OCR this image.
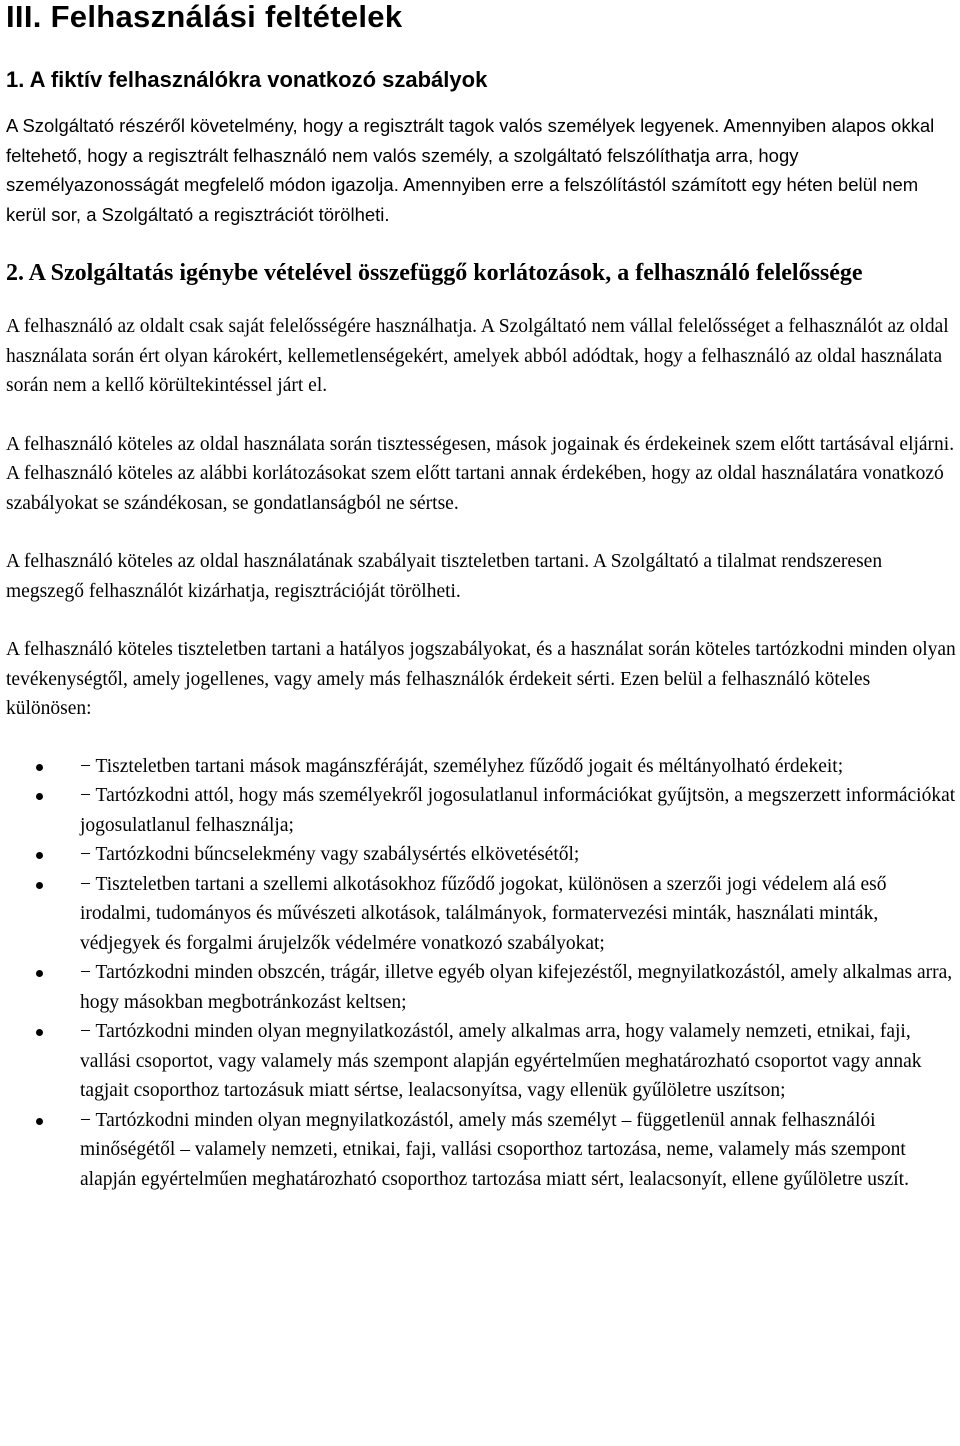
III. Felhasználási feltételek
1. A fiktív felhasználókra vonatkozó szabályok

A Szolgáltató részéről követelmény, hogy a regisztrált tagok valós személyek legyenek. Amennyiben alapos okkal feltehető, hogy a regisztrált felhasználó nem valós személy, a szolgáltató felszólíthatja arra, hogy személyazonosságát megfelelő módon igazolja. Amennyiben erre a felszólítástól számított egy héten belül nem kerül sor, a Szolgáltató a regisztrációt törölheti.

2. A Szolgáltatás igénybe vételével összefüggő korlátozások, a felhasználó felelőssége

A felhasználó az oldalt csak saját felelősségére használhatja. A Szolgáltató nem vállal felelősséget a felhasználót az oldal használata során ért olyan károkért, kellemetlenségekért, amelyek abból adódtak, hogy a felhasználó az oldal használata során nem a kellő körültekintéssel járt el.

A felhasználó köteles az oldal használata során tisztességesen, mások jogainak és érdekeinek szem előtt tartásával eljárni. A felhasználó köteles az alábbi korlátozásokat szem előtt tartani annak érdekében, hogy az oldal használatára vonatkozó szabályokat se szándékosan, se gondatlanságból ne sértse.

A felhasználó köteles az oldal használatának szabályait tiszteletben tartani. A Szolgáltató a tilalmat rendszeresen megszegő felhasználót kizárhatja, regisztrációját törölheti.

A felhasználó köteles tiszteletben tartani a hatályos jogszabályokat, és a használat során köteles tartózkodni minden olyan tevékenységtől, amely jogellenes, vagy amely más felhasználók érdekeit sérti. Ezen belül a felhasználó köteles különösen:

− Tiszteletben tartani mások magánszféráját, személyhez fűződő jogait és méltányolható érdekeit;
− Tartózkodni attól, hogy más személyekről jogosulatlanul információkat gyűjtsön, a megszerzett információkat jogosulatlanul felhasználja;
− Tartózkodni bűncselekmény vagy szabálysértés elkövetésétől;
− Tiszteletben tartani a szellemi alkotásokhoz fűződő jogokat, különösen a szerzői jogi védelem alá eső irodalmi, tudományos és művészeti alkotások, találmányok, formatervezési minták, használati minták, védjegyek és forgalmi árujelzők védelmére vonatkozó szabályokat;
− Tartózkodni minden obszcén, trágár, illetve egyéb olyan kifejezéstől, megnyilatkozástól, amely alkalmas arra, hogy másokban megbotránkozást keltsen;
− Tartózkodni minden olyan megnyilatkozástól, amely alkalmas arra, hogy valamely nemzeti, etnikai, faji, vallási csoportot, vagy valamely más szempont alapján egyértelműen meghatározható csoportot vagy annak tagjait csoporthoz tartozásuk miatt sértse, lealacsonyítsa, vagy ellenük gyűlöletre uszítson;
− Tartózkodni minden olyan megnyilatkozástól, amely más személyt – függetlenül annak felhasználói minőségétől – valamely nemzeti, etnikai, faji, vallási csoporthoz tartozása, neme, valamely más szempont alapján egyértelműen meghatározható csoporthoz tartozása miatt sért, lealacsonyít, ellene gyűlöletre uszít.
